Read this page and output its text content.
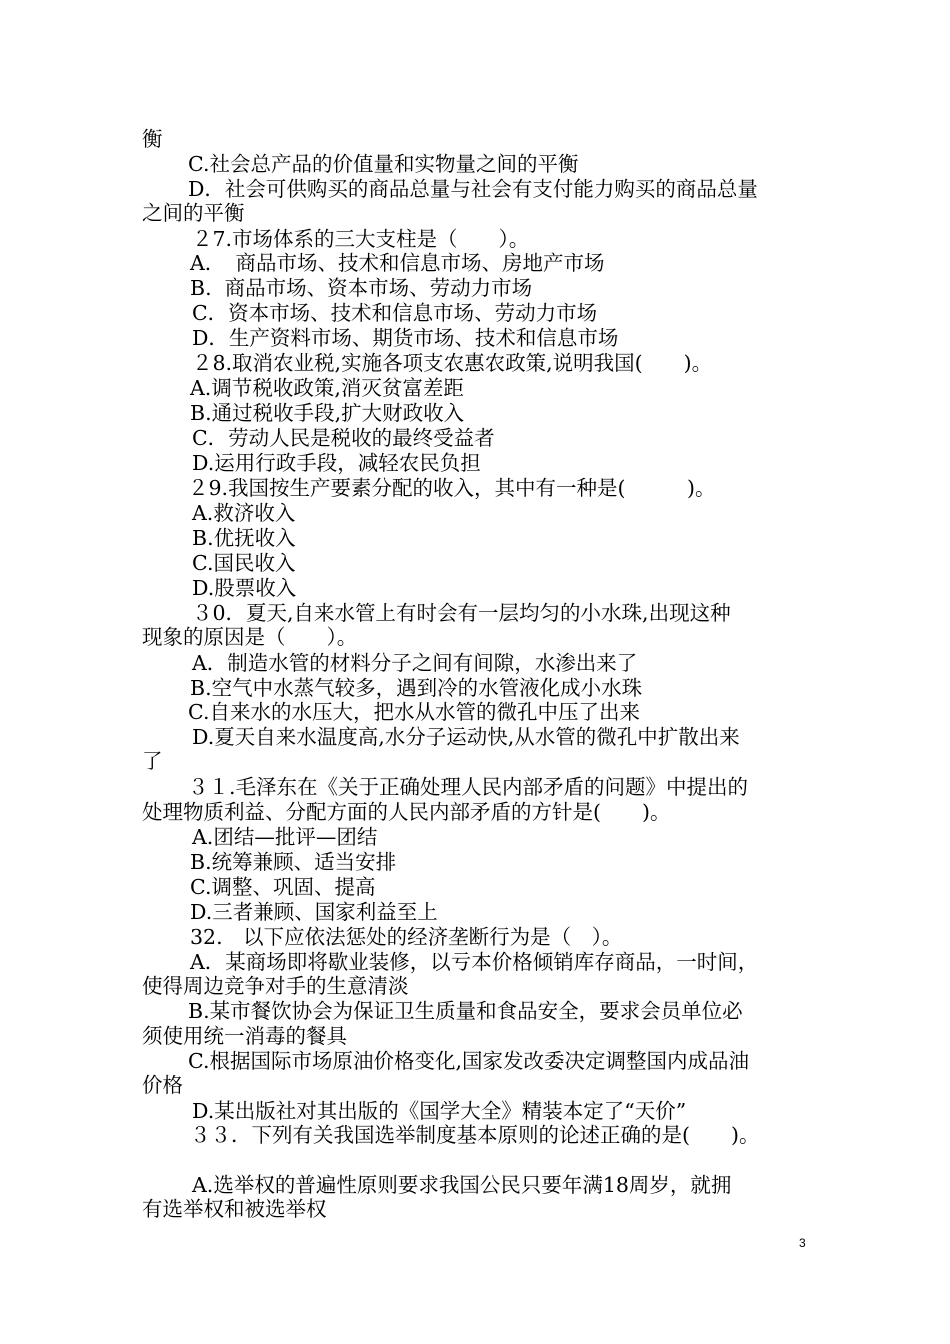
衡
C.社会总产品的价值量和实物量之间的平衡
D．社会可供购买的商品总量与社会有支付能力购买的商品总量
之间的平衡
２7.市场体系的三大支柱是（　　）。
A．　商品市场、技术和信息市场、房地产市场
B.  商品市场、资本市场、劳动力市场
C．资本市场、技术和信息市场、劳动力市场
D．生产资料市场、期货市场、技术和信息市场
２8.取消农业税,实施各项支农惠农政策,说明我国(　　)。
A.调节税收政策,消灭贫富差距
B.通过税收手段,扩大财政收入
C．劳动人民是税收的最终受益者
D.运用行政手段，减轻农民负担
２9.我国按生产要素分配的收入，其中有一种是(　　　)。
A.救济收入
B.优抚收入
C.国民收入
D.股票收入
３0．夏天,自来水管上有时会有一层均匀的小水珠,出现这种
现象的原因是（　　）。
A．制造水管的材料分子之间有间隙，水渗出来了
B.空气中水蒸气较多，遇到冷的水管液化成小水珠
C.自来水的水压大，把水从水管的微孔中压了出来
D.夏天自来水温度高,水分子运动快,从水管的微孔中扩散出来
了
３１.毛泽东在《关于正确处理人民内部矛盾的问题》中提出的
处理物质利益、分配方面的人民内部矛盾的方针是(　　)。
A.团结—批评—团结
B.统筹兼顾、适当安排
C.调整、巩固、提高
D.三者兼顾、国家利益至上
32.　以下应依法惩处的经济垄断行为是（　）。
A．某商场即将歇业装修，以亏本价格倾销库存商品，一时间，
使得周边竞争对手的生意清淡
B.某市餐饮协会为保证卫生质量和食品安全，要求会员单位必
须使用统一消毒的餐具
C.根据国际市场原油价格变化,国家发改委决定调整国内成品油
价格
D.某出版社对其出版的《国学大全》精装本定了“天价”
３３．下列有关我国选举制度基本原则的论述正确的是(　　)。
A.选举权的普遍性原则要求我国公民只要年满18周岁，就拥
有选举权和被选举权
3
